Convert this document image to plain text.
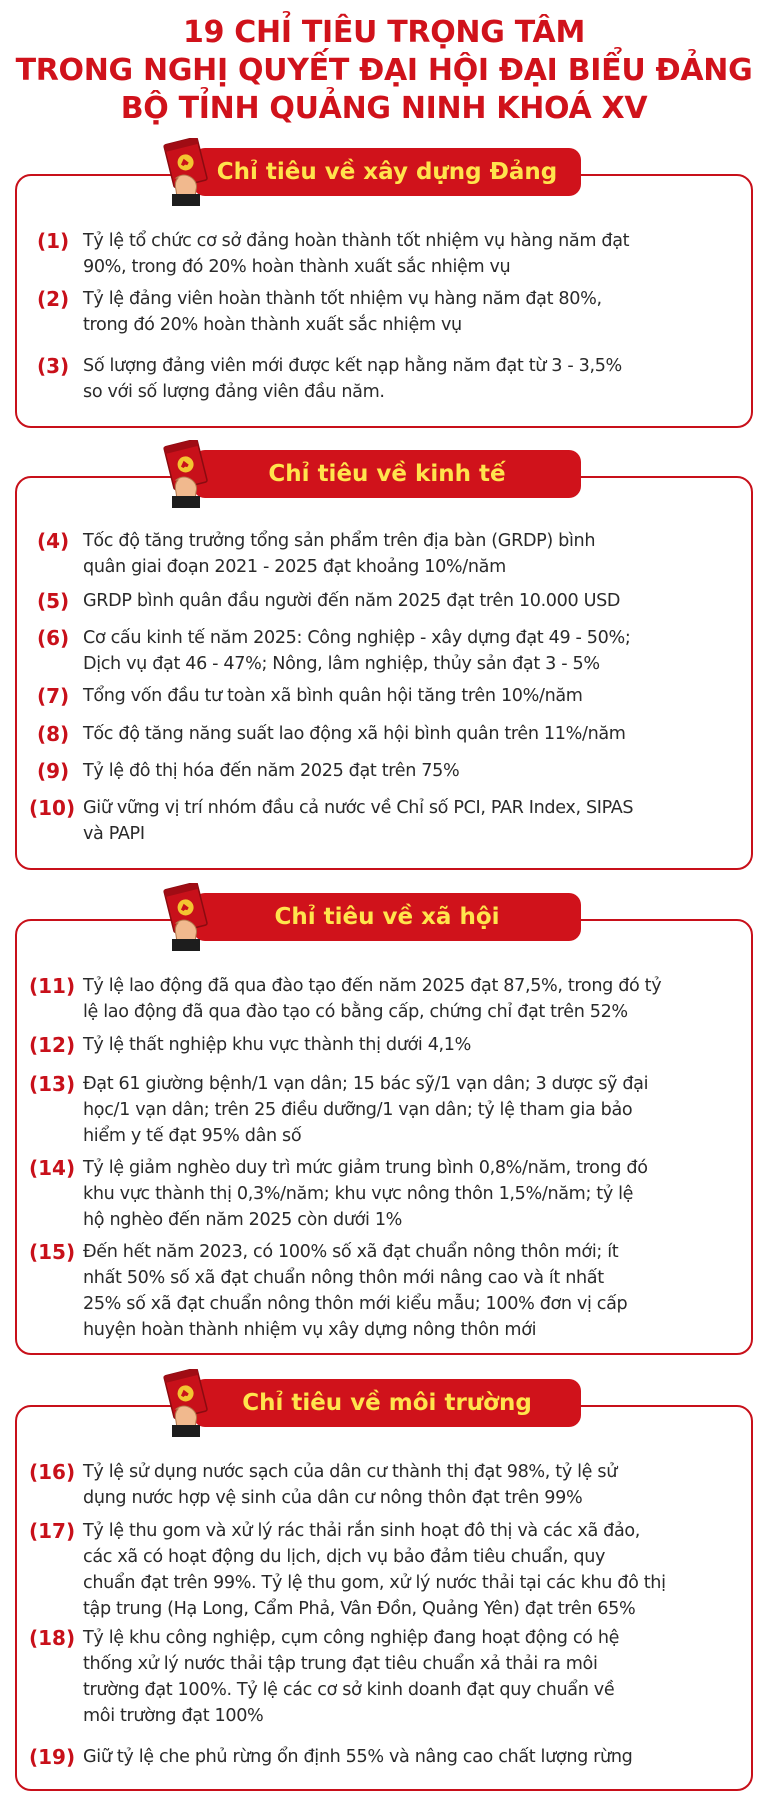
19 CHỈ TIÊU TRỌNG TÂM
TRONG NGHỊ QUYẾT ĐẠI HỘI ĐẠI BIỂU ĐẢNG
BỘ TỈNH QUẢNG NINH KHOÁ XV
(1) Tỷ lệ tổ chức cơ sở đảng hoàn thành tốt nhiệm vụ hàng năm đạt
90%, trong đó 20% hoàn thành xuất sắc nhiệm vụ
(2) Tỷ lệ đảng viên hoàn thành tốt nhiệm vụ hàng năm đạt 80%,
trong đó 20% hoàn thành xuất sắc nhiệm vụ
(3) Số lượng đảng viên mới được kết nạp hằng năm đạt từ 3 - 3,5%
so với số lượng đảng viên đầu năm.
Chỉ tiêu về xây dựng Đảng
(4) Tốc độ tăng trưởng tổng sản phẩm trên địa bàn (GRDP) bình
quân giai đoạn 2021 - 2025 đạt khoảng 10%/năm
(5) GRDP bình quân đầu người đến năm 2025 đạt trên 10.000 USD
(6) Cơ cấu kinh tế năm 2025: Công nghiệp - xây dựng đạt 49 - 50%;
Dịch vụ đạt 46 - 47%; Nông, lâm nghiệp, thủy sản đạt 3 - 5%
(7) Tổng vốn đầu tư toàn xã bình quân hội tăng trên 10%/năm
(8) Tốc độ tăng năng suất lao động xã hội bình quân trên 11%/năm
(9) Tỷ lệ đô thị hóa đến năm 2025 đạt trên 75%
(10) Giữ vững vị trí nhóm đầu cả nước về Chỉ số PCI, PAR Index, SIPAS
và PAPI
Chỉ tiêu về kinh tế
(11) Tỷ lệ lao động đã qua đào tạo đến năm 2025 đạt 87,5%, trong đó tỷ
lệ lao động đã qua đào tạo có bằng cấp, chứng chỉ đạt trên 52%
(12) Tỷ lệ thất nghiệp khu vực thành thị dưới 4,1%
(13) Đạt 61 giường bệnh/1 vạn dân; 15 bác sỹ/1 vạn dân; 3 dược sỹ đại
học/1 vạn dân; trên 25 điều dưỡng/1 vạn dân; tỷ lệ tham gia bảo
hiểm y tế đạt 95% dân số
(14) Tỷ lệ giảm nghèo duy trì mức giảm trung bình 0,8%/năm, trong đó
khu vực thành thị 0,3%/năm; khu vực nông thôn 1,5%/năm; tỷ lệ
hộ nghèo đến năm 2025 còn dưới 1%
(15) Đến hết năm 2023, có 100% số xã đạt chuẩn nông thôn mới; ít
nhất 50% số xã đạt chuẩn nông thôn mới nâng cao và ít nhất
25% số xã đạt chuẩn nông thôn mới kiểu mẫu; 100% đơn vị cấp
huyện hoàn thành nhiệm vụ xây dựng nông thôn mới
Chỉ tiêu về xã hội
(16) Tỷ lệ sử dụng nước sạch của dân cư thành thị đạt 98%, tỷ lệ sử
dụng nước hợp vệ sinh của dân cư nông thôn đạt trên 99%
(17) Tỷ lệ thu gom và xử lý rác thải rắn sinh hoạt đô thị và các xã đảo,
các xã có hoạt động du lịch, dịch vụ bảo đảm tiêu chuẩn, quy
chuẩn đạt trên 99%. Tỷ lệ thu gom, xử lý nước thải tại các khu đô thị
tập trung (Hạ Long, Cẩm Phả, Vân Đồn, Quảng Yên) đạt trên 65%
(18) Tỷ lệ khu công nghiệp, cụm công nghiệp đang hoạt động có hệ
thống xử lý nước thải tập trung đạt tiêu chuẩn xả thải ra môi
trường đạt 100%. Tỷ lệ các cơ sở kinh doanh đạt quy chuẩn về
môi trường đạt 100%
(19) Giữ tỷ lệ che phủ rừng ổn định 55% và nâng cao chất lượng rừng
Chỉ tiêu về môi trường
